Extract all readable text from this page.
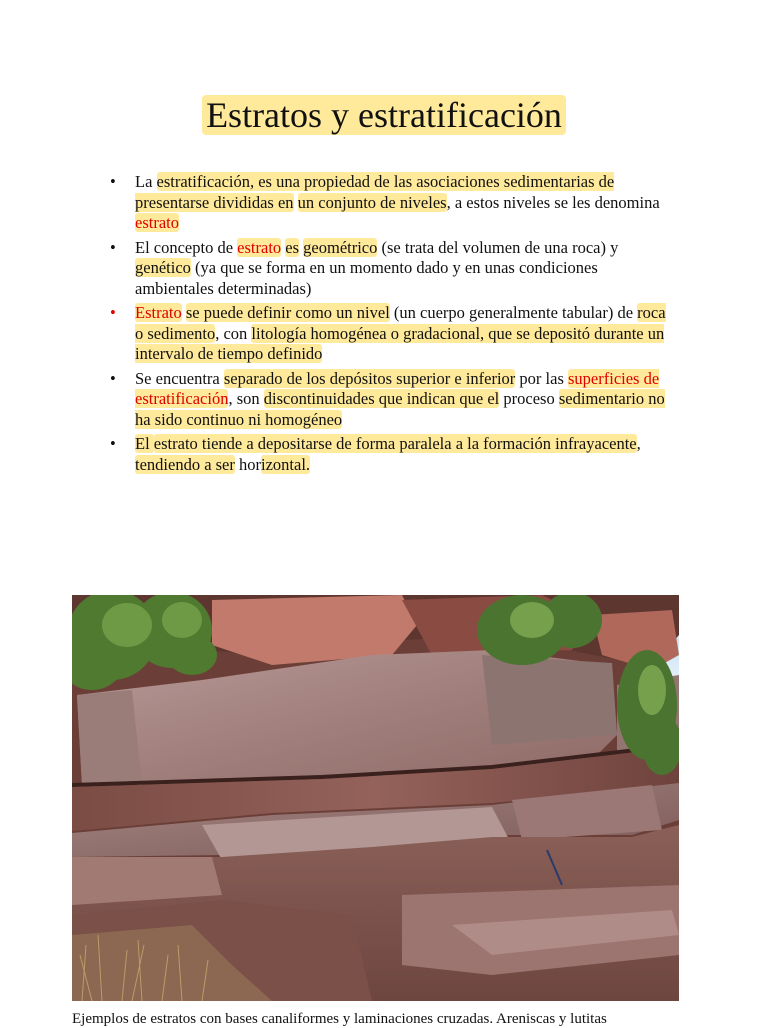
Estratos y estratificación
• La estratificación, es una propiedad de las asociaciones sedimentarias de presentarse divididas en un conjunto de niveles, a estos niveles se les denomina estrato
• El concepto de estrato es geométrico (se trata del volumen de una roca) y genético (ya que se forma en un momento dado y en unas condiciones ambientales determinadas)
• Estrato se puede definir como un nivel (un cuerpo generalmente tabular) de roca o sedimento, con litología homogénea o gradacional, que se depositó durante un intervalo de tiempo definido
• Se encuentra separado de los depósitos superior e inferior por las superficies de estratificación, son discontinuidades que indican que el proceso sedimentario no ha sido continuo ni homogéneo
• El estrato tiende a depositarse de forma paralela a la formación infrayacente, tendiendo a ser horizontal.
Ejemplos de estratos con bases canaliformes y laminaciones cruzadas. Areniscas y lutitas
